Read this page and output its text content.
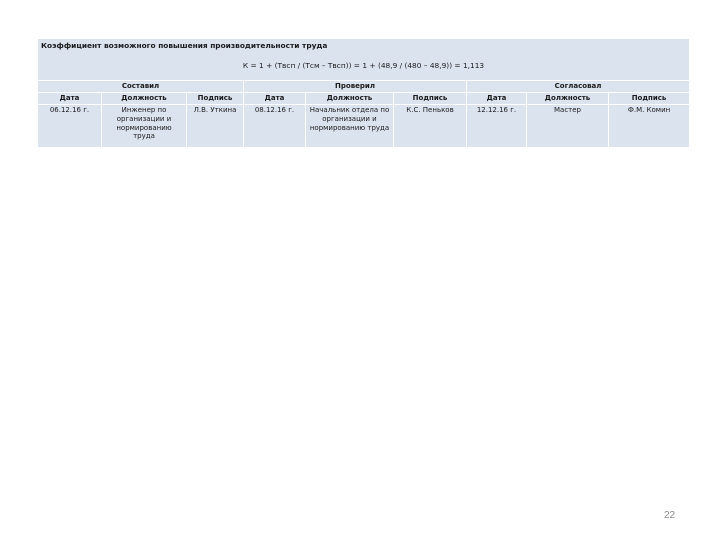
Коэффициент возможного повышения производительности труда
К = 1 + (Твсп / (Тсм – Твсп)) = 1 + (48,9 / (480 – 48,9)) = 1,113								

Составил			Проверил			Согласовал		
Дата	Должность	Подпись	Дата	Должность	Подпись	Дата	Должность	Подпись
06.12.16 г.	Инженер по организации и нормированию труда	Л.В. Уткина	08.12.16 г.	Начальник отдела по организации и нормированию труда	К.С. Пеньков	12.12.16 г.	Мастер	Ф.М. Комин
22
